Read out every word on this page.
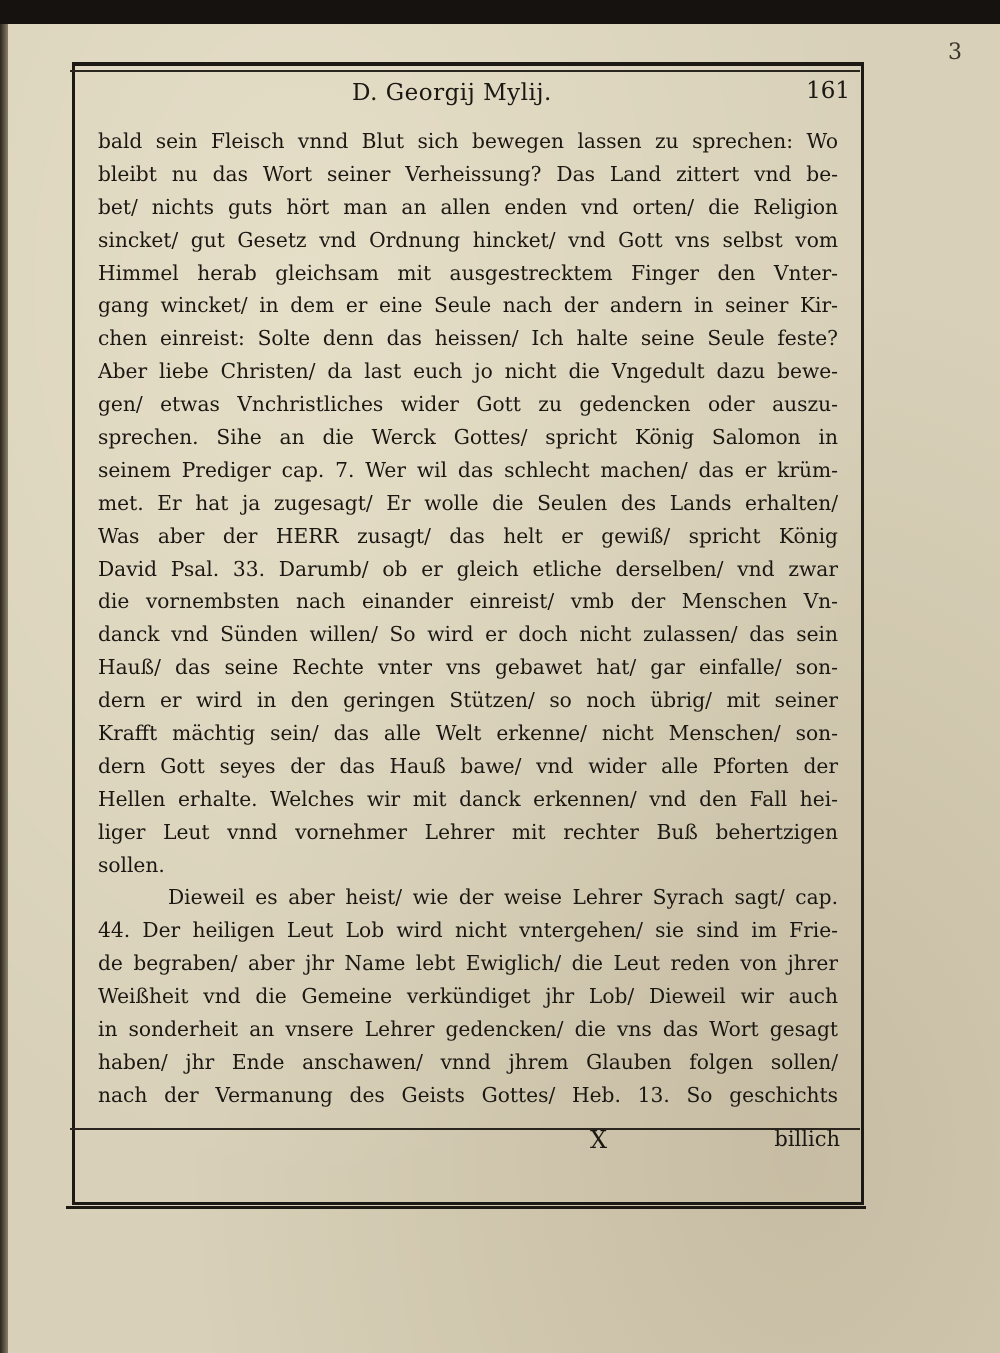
3
D. Georgij Mylij.	161
bald sein Fleisch vnnd Blut sich bewegen lassen zu sprechen: Wo
bleibt nu das Wort seiner Verheissung? Das Land zittert vnd be-
bet/ nichts guts hört man an allen enden vnd orten/ die Religion
sincket/ gut Gesetz vnd Ordnung hincket/ vnd Gott vns selbst vom
Himmel herab gleichsam mit ausgestrecktem Finger den Vnter-
gang wincket/ in dem er eine Seule nach der andern in seiner Kir-
chen einreist: Solte denn das heissen/ Ich halte seine Seule feste?
Aber liebe Christen/ da last euch jo nicht die Vngedult dazu bewe-
gen/ etwas Vnchristliches wider Gott zu gedencken oder auszu-
sprechen. Sihe an die Werck Gottes/ spricht König Salomon in
seinem Prediger cap. 7. Wer wil das schlecht machen/ das er krüm-
met. Er hat ja zugesagt/ Er wolle die Seulen des Lands erhalten/
Was aber der HERR zusagt/ das helt er gewiß/ spricht König
David Psal. 33. Darumb/ ob er gleich etliche derselben/ vnd zwar
die vornembsten nach einander einreist/ vmb der Menschen Vn-
danck vnd Sünden willen/ So wird er doch nicht zulassen/ das sein
Hauß/ das seine Rechte vnter vns gebawet hat/ gar einfalle/ son-
dern er wird in den geringen Stützen/ so noch übrig/ mit seiner
Krafft mächtig sein/ das alle Welt erkenne/ nicht Menschen/ son-
dern Gott seyes der das Hauß bawe/ vnd wider alle Pforten der
Hellen erhalte. Welches wir mit danck erkennen/ vnd den Fall hei-
liger Leut vnnd vornehmer Lehrer mit rechter Buß behertzigen
sollen.
Dieweil es aber heist/ wie der weise Lehrer Syrach sagt/ cap.
44. Der heiligen Leut Lob wird nicht vntergehen/ sie sind im Frie-
de begraben/ aber jhr Name lebt Ewiglich/ die Leut reden von jhrer
Weißheit vnd die Gemeine verkündiget jhr Lob/ Dieweil wir auch
in sonderheit an vnsere Lehrer gedencken/ die vns das Wort gesagt
haben/ jhr Ende anschawen/ vnnd jhrem Glauben folgen sollen/
nach der Vermanung des Geists Gottes/ Heb. 13. So geschichts
X	billich
